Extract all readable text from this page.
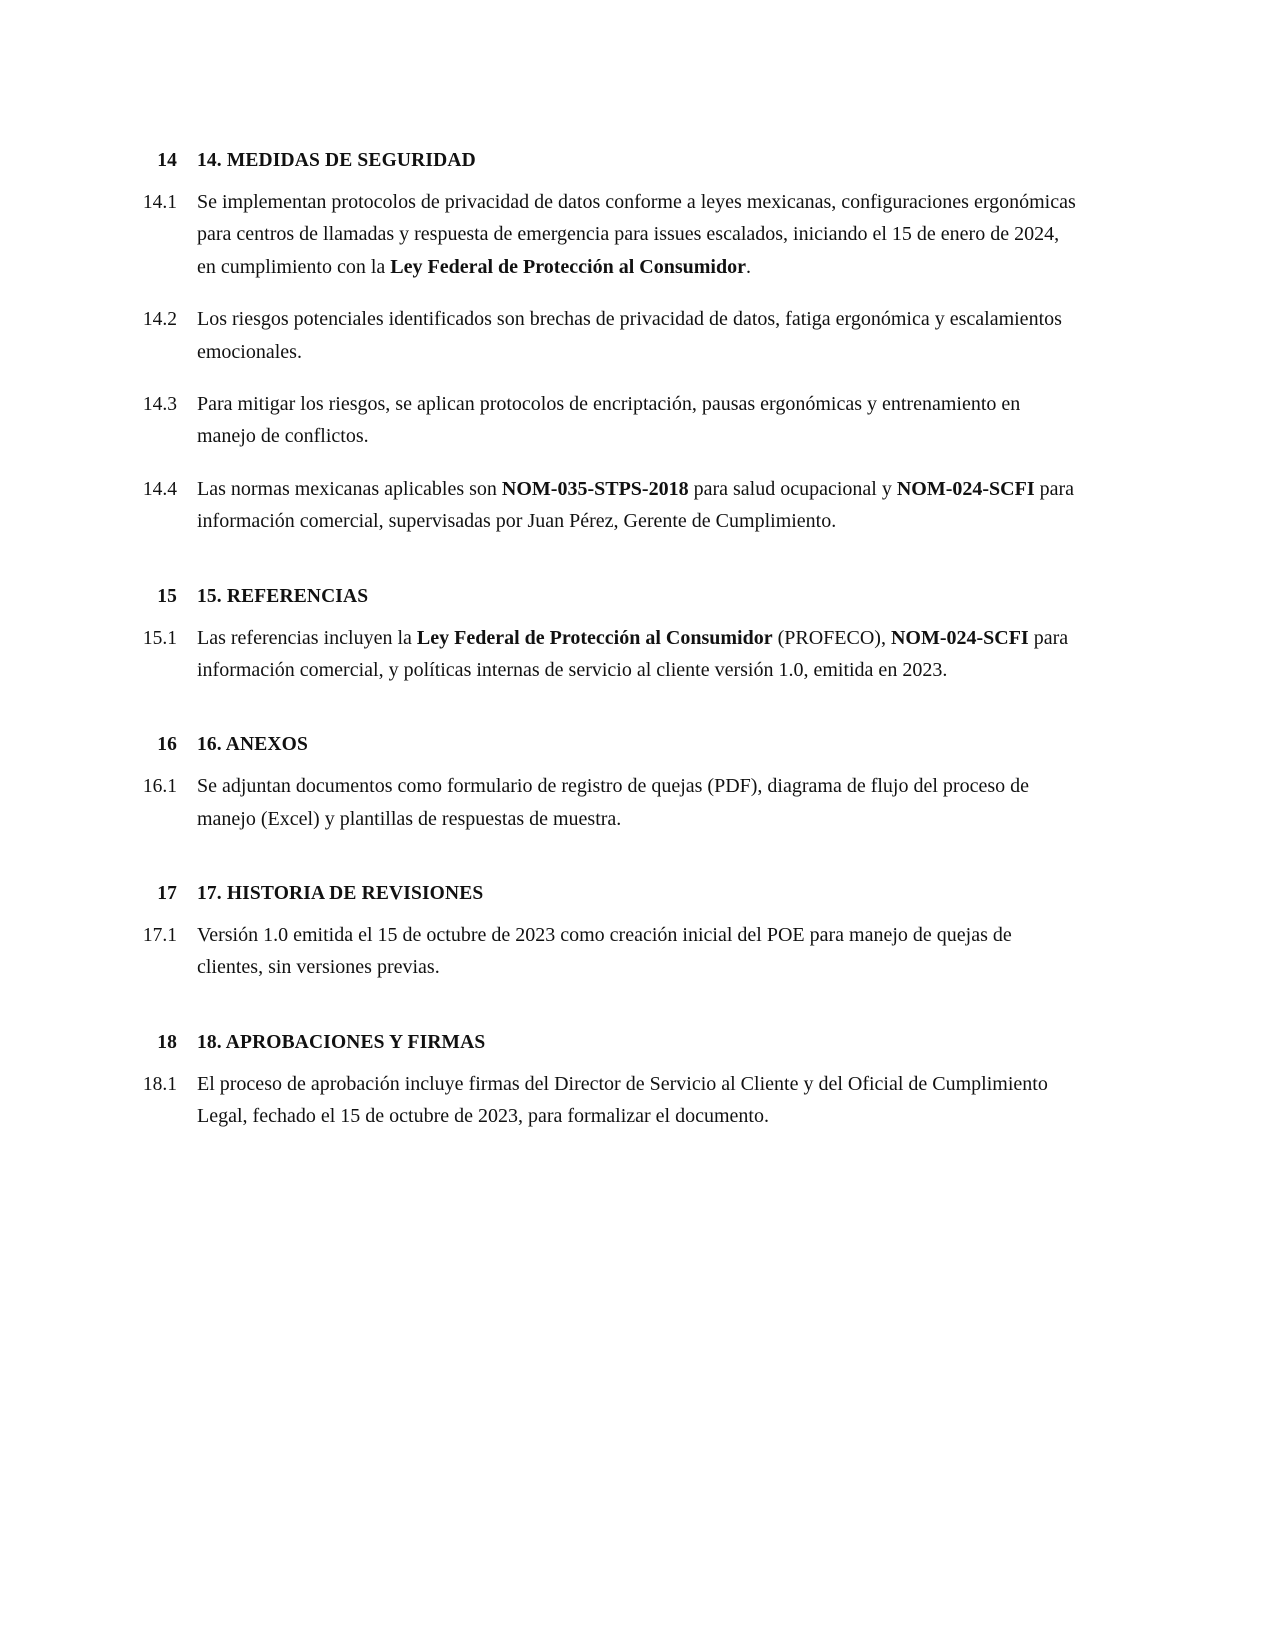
14	14. MEDIDAS DE SEGURIDAD
14.1	Se implementan protocolos de privacidad de datos conforme a leyes mexicanas, configuraciones ergonómicas para centros de llamadas y respuesta de emergencia para issues escalados, iniciando el 15 de enero de 2024, en cumplimiento con la Ley Federal de Protección al Consumidor.
14.2	Los riesgos potenciales identificados son brechas de privacidad de datos, fatiga ergonómica y escalamientos emocionales.
14.3	Para mitigar los riesgos, se aplican protocolos de encriptación, pausas ergonómicas y entrenamiento en manejo de conflictos.
14.4	Las normas mexicanas aplicables son NOM-035-STPS-2018 para salud ocupacional y NOM-024-SCFI para información comercial, supervisadas por Juan Pérez, Gerente de Cumplimiento.
15	15. REFERENCIAS
15.1	Las referencias incluyen la Ley Federal de Protección al Consumidor (PROFECO), NOM-024-SCFI para información comercial, y políticas internas de servicio al cliente versión 1.0, emitida en 2023.
16	16. ANEXOS
16.1	Se adjuntan documentos como formulario de registro de quejas (PDF), diagrama de flujo del proceso de manejo (Excel) y plantillas de respuestas de muestra.
17	17. HISTORIA DE REVISIONES
17.1	Versión 1.0 emitida el 15 de octubre de 2023 como creación inicial del POE para manejo de quejas de clientes, sin versiones previas.
18	18. APROBACIONES Y FIRMAS
18.1	El proceso de aprobación incluye firmas del Director de Servicio al Cliente y del Oficial de Cumplimiento Legal, fechado el 15 de octubre de 2023, para formalizar el documento.
